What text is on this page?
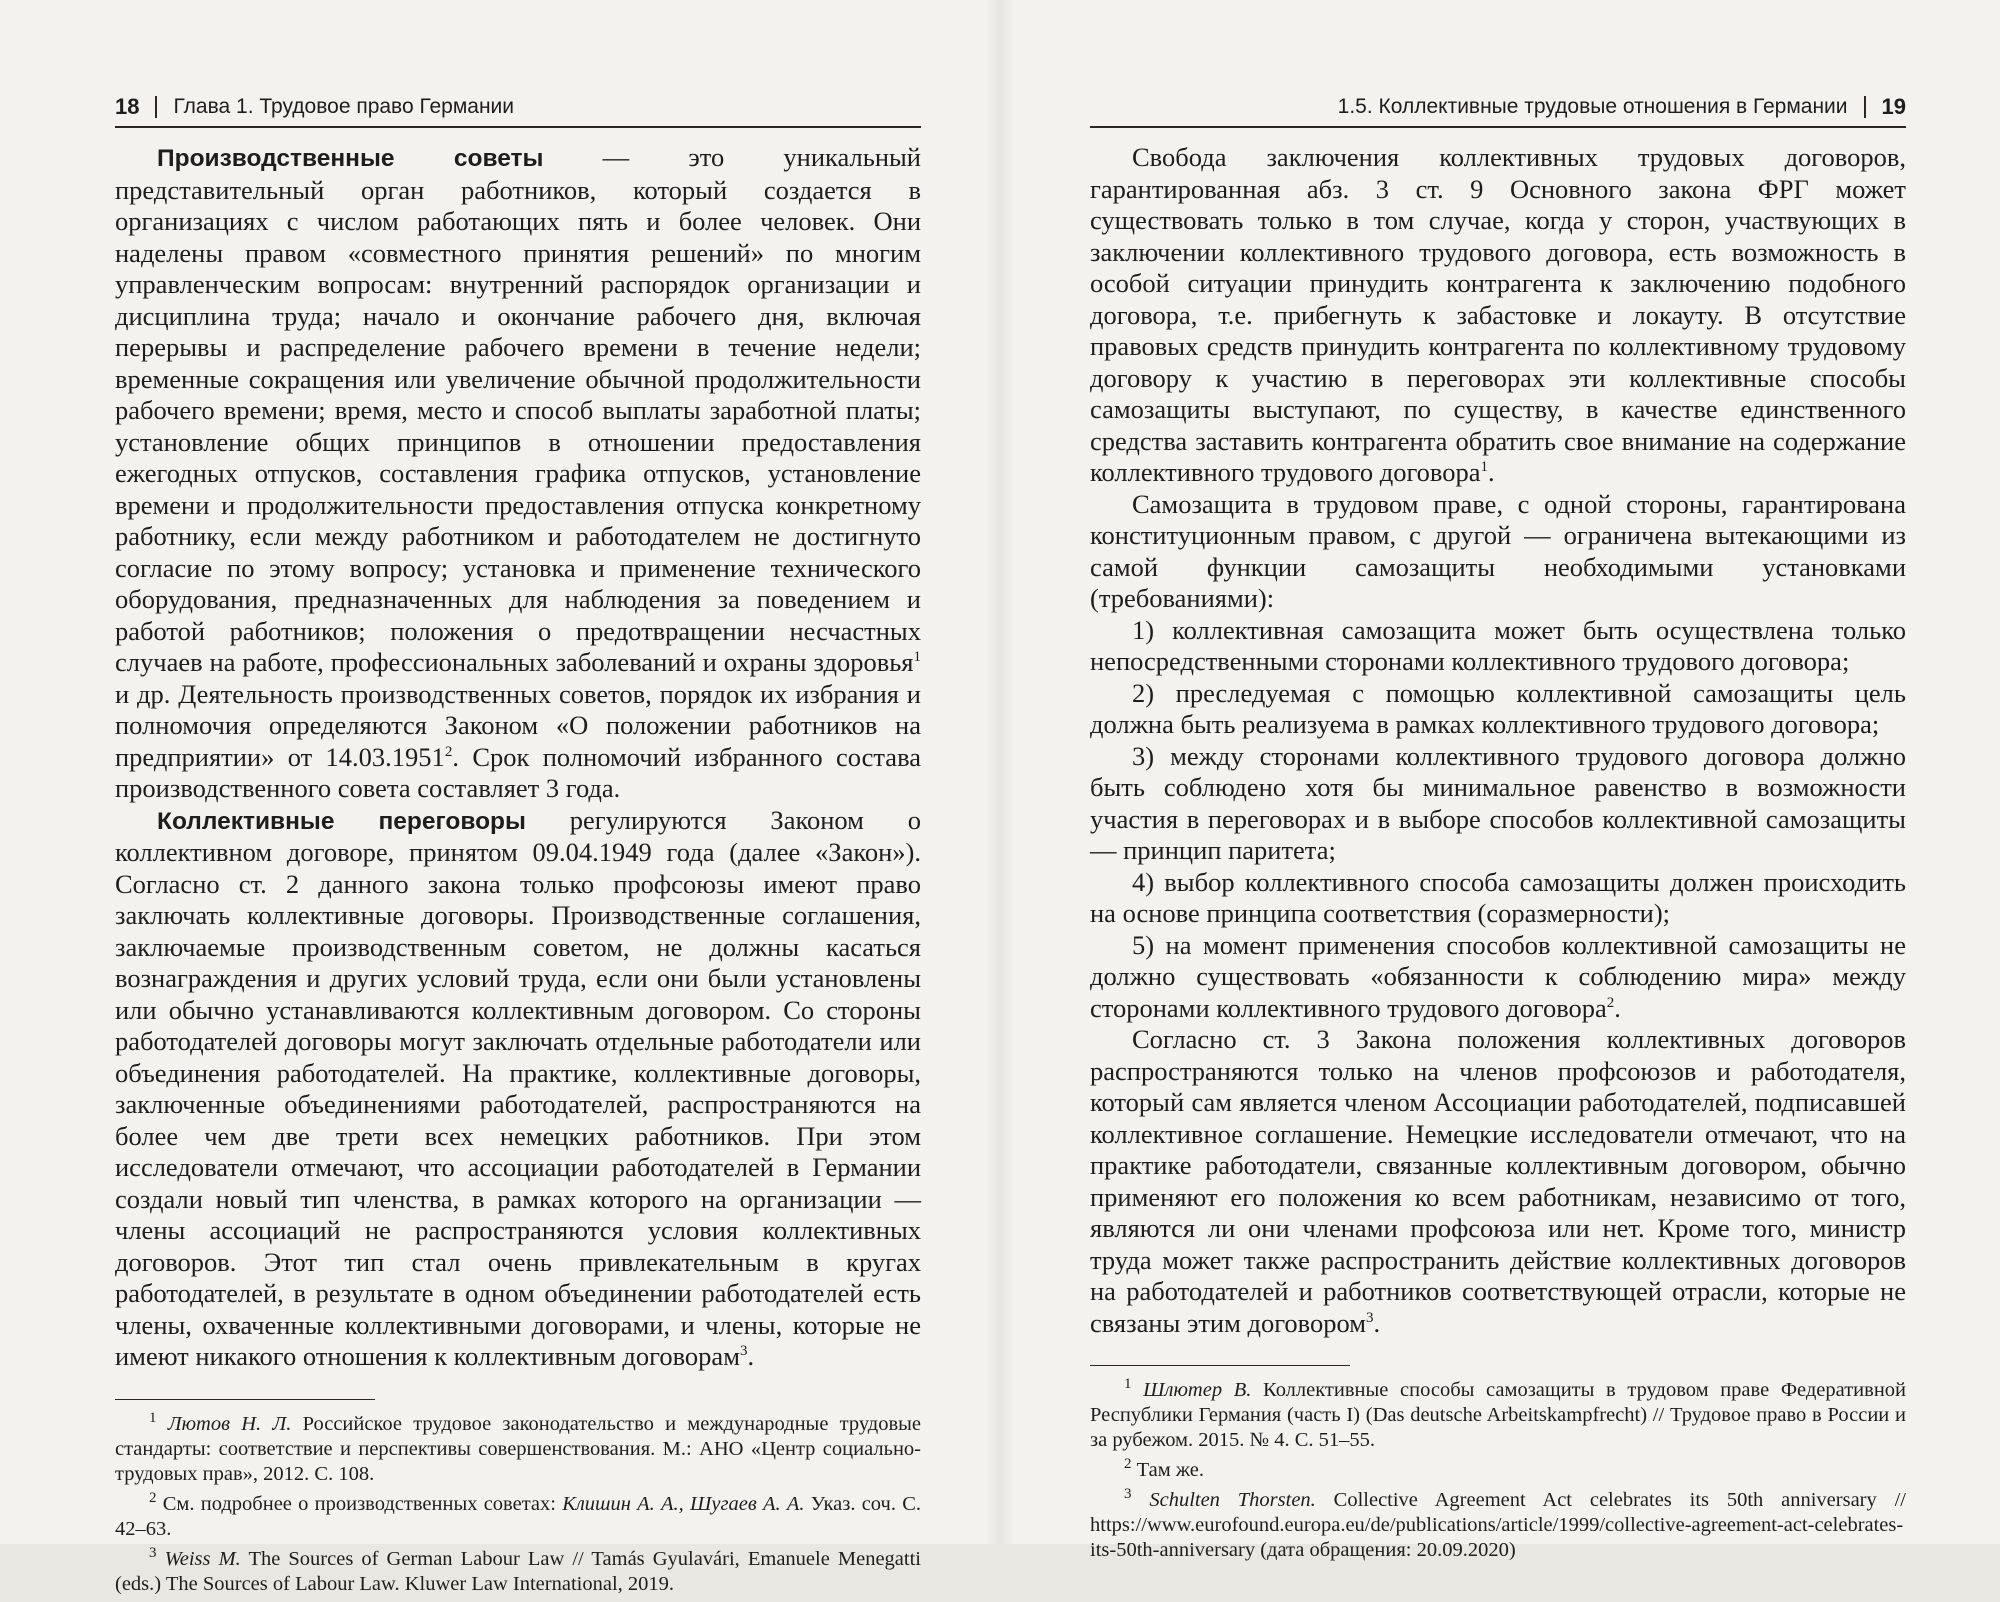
18 Глава 1. Трудовое право Германии

Производственные советы — это уникальный представительный орган работников, который создается в организациях с числом работающих пять и более человек. Они наделены правом «совместного принятия решений» по многим управленческим вопросам: внутренний распорядок организации и дисциплина труда; начало и окончание рабочего дня, включая перерывы и распределение рабочего времени в течение недели; временные сокращения или увеличение обычной продолжительности рабочего времени; время, место и способ выплаты заработной платы; установление общих принципов в отношении предоставления ежегодных отпусков, составления графика отпусков, установление времени и продолжительности предоставления отпуска конкретному работнику, если между работником и работодателем не достигнуто согласие по этому вопросу; установка и применение технического оборудования, предназначенных для наблюдения за поведением и работой работников; положения о предотвращении несчастных случаев на работе, профессиональных заболеваний и охраны здоровья$^1$ и др. Деятельность производственных советов, порядок их избрания и полномочия определяются Законом «О положении работников на предприятии» от 14.03.1951$^2$. Срок полномочий избранного состава производственного совета составляет 3 года.

Коллективные переговоры регулируются Законом о коллективном договоре, принятом 09.04.1949 года (далее «Закон»). Согласно ст. 2 данного закона только профсоюзы имеют право заключать коллективные договоры. Производственные соглашения, заключаемые производственным советом, не должны касаться вознаграждения и других условий труда, если они были установлены или обычно устанавливаются коллективным договором. Со стороны работодателей договоры могут заключать отдельные работодатели или объединения работодателей. На практике, коллективные договоры, заключенные объединениями работодателей, распространяются на более чем две трети всех немецких работников. При этом исследователи отмечают, что ассоциации работодателей в Германии создали новый тип членства, в рамках которого на организации — члены ассоциаций не распространяются условия коллективных договоров. Этот тип стал очень привлекательным в кругах работодателей, в результате в одном объединении работодателей есть члены, охваченные коллективными договорами, и члены, которые не имеют никакого отношения к коллективным договорам$^3$.

$^1$ Лютов Н. Л. Российское трудовое законодательство и международные трудовые стандарты: соответствие и перспективы совершенствования. М.: АНО «Центр социально-трудовых прав», 2012. С. 108.

$^2$ См. подробнее о производственных советах: Клишин А. А., Шугаев А. А. Указ. соч. С. 42–63.

$^3$ Weiss M. The Sources of German Labour Law // Tamás Gyulavári, Emanuele Menegatti (eds.) The Sources of Labour Law. Kluwer Law International, 2019.

1.5. Коллективные трудовые отношения в Германии 19

Свобода заключения коллективных трудовых договоров, гарантированная абз. 3 ст. 9 Основного закона ФРГ может существовать только в том случае, когда у сторон, участвующих в заключении коллективного трудового договора, есть возможность в особой ситуации принудить контрагента к заключению подобного договора, т.е. прибегнуть к забастовке и локауту. В отсутствие правовых средств принудить контрагента по коллективному трудовому договору к участию в переговорах эти коллективные способы самозащиты выступают, по существу, в качестве единственного средства заставить контрагента обратить свое внимание на содержание коллективного трудового договора$^1$.

Самозащита в трудовом праве, с одной стороны, гарантирована конституционным правом, с другой — ограничена вытекающими из самой функции самозащиты необходимыми установками (требованиями):

1) коллективная самозащита может быть осуществлена только непосредственными сторонами коллективного трудового договора;

2) преследуемая с помощью коллективной самозащиты цель должна быть реализуема в рамках коллективного трудового договора;

3) между сторонами коллективного трудового договора должно быть соблюдено хотя бы минимальное равенство в возможности участия в переговорах и в выборе способов коллективной самозащиты — принцип паритета;

4) выбор коллективного способа самозащиты должен происходить на основе принципа соответствия (соразмерности);

5) на момент применения способов коллективной самозащиты не должно существовать «обязанности к соблюдению мира» между сторонами коллективного трудового договора$^2$.

Согласно ст. 3 Закона положения коллективных договоров распространяются только на членов профсоюзов и работодателя, который сам является членом Ассоциации работодателей, подписавшей коллективное соглашение. Немецкие исследователи отмечают, что на практике работодатели, связанные коллективным договором, обычно применяют его положения ко всем работникам, независимо от того, являются ли они членами профсоюза или нет. Кроме того, министр труда может также распространить действие коллективных договоров на работодателей и работников соответствующей отрасли, которые не связаны этим договором$^3$.

$^1$ Шлютер В. Коллективные способы самозащиты в трудовом праве Федеративной Республики Германия (часть I) (Das deutsche Arbeitskampfrecht) // Трудовое право в России и за рубежом. 2015. № 4. С. 51–55.

$^2$ Там же.

$^3$ Schulten Thorsten. Collective Agreement Act celebrates its 50th anniversary // https://www.eurofound.europa.eu/de/publications/article/1999/collective-agreement-act-celebrates-its-50th-anniversary (дата обращения: 20.09.2020)
